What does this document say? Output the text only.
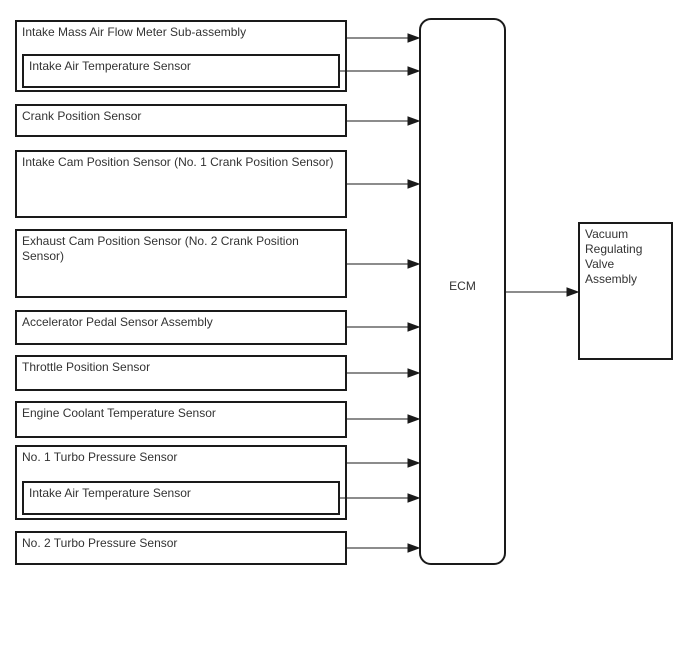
Intake Mass Air Flow Meter Sub-assembly
Intake Air Temperature Sensor
Crank Position Sensor
Intake Cam Position Sensor (No. 1 Crank Position Sensor)
Exhaust Cam Position Sensor (No. 2 Crank Position Sensor)
Accelerator Pedal Sensor Assembly
Throttle Position Sensor
Engine Coolant Temperature Sensor
No. 1 Turbo Pressure Sensor
Intake Air Temperature Sensor
No. 2 Turbo Pressure Sensor
ECM
Vacuum Regulating Valve Assembly
